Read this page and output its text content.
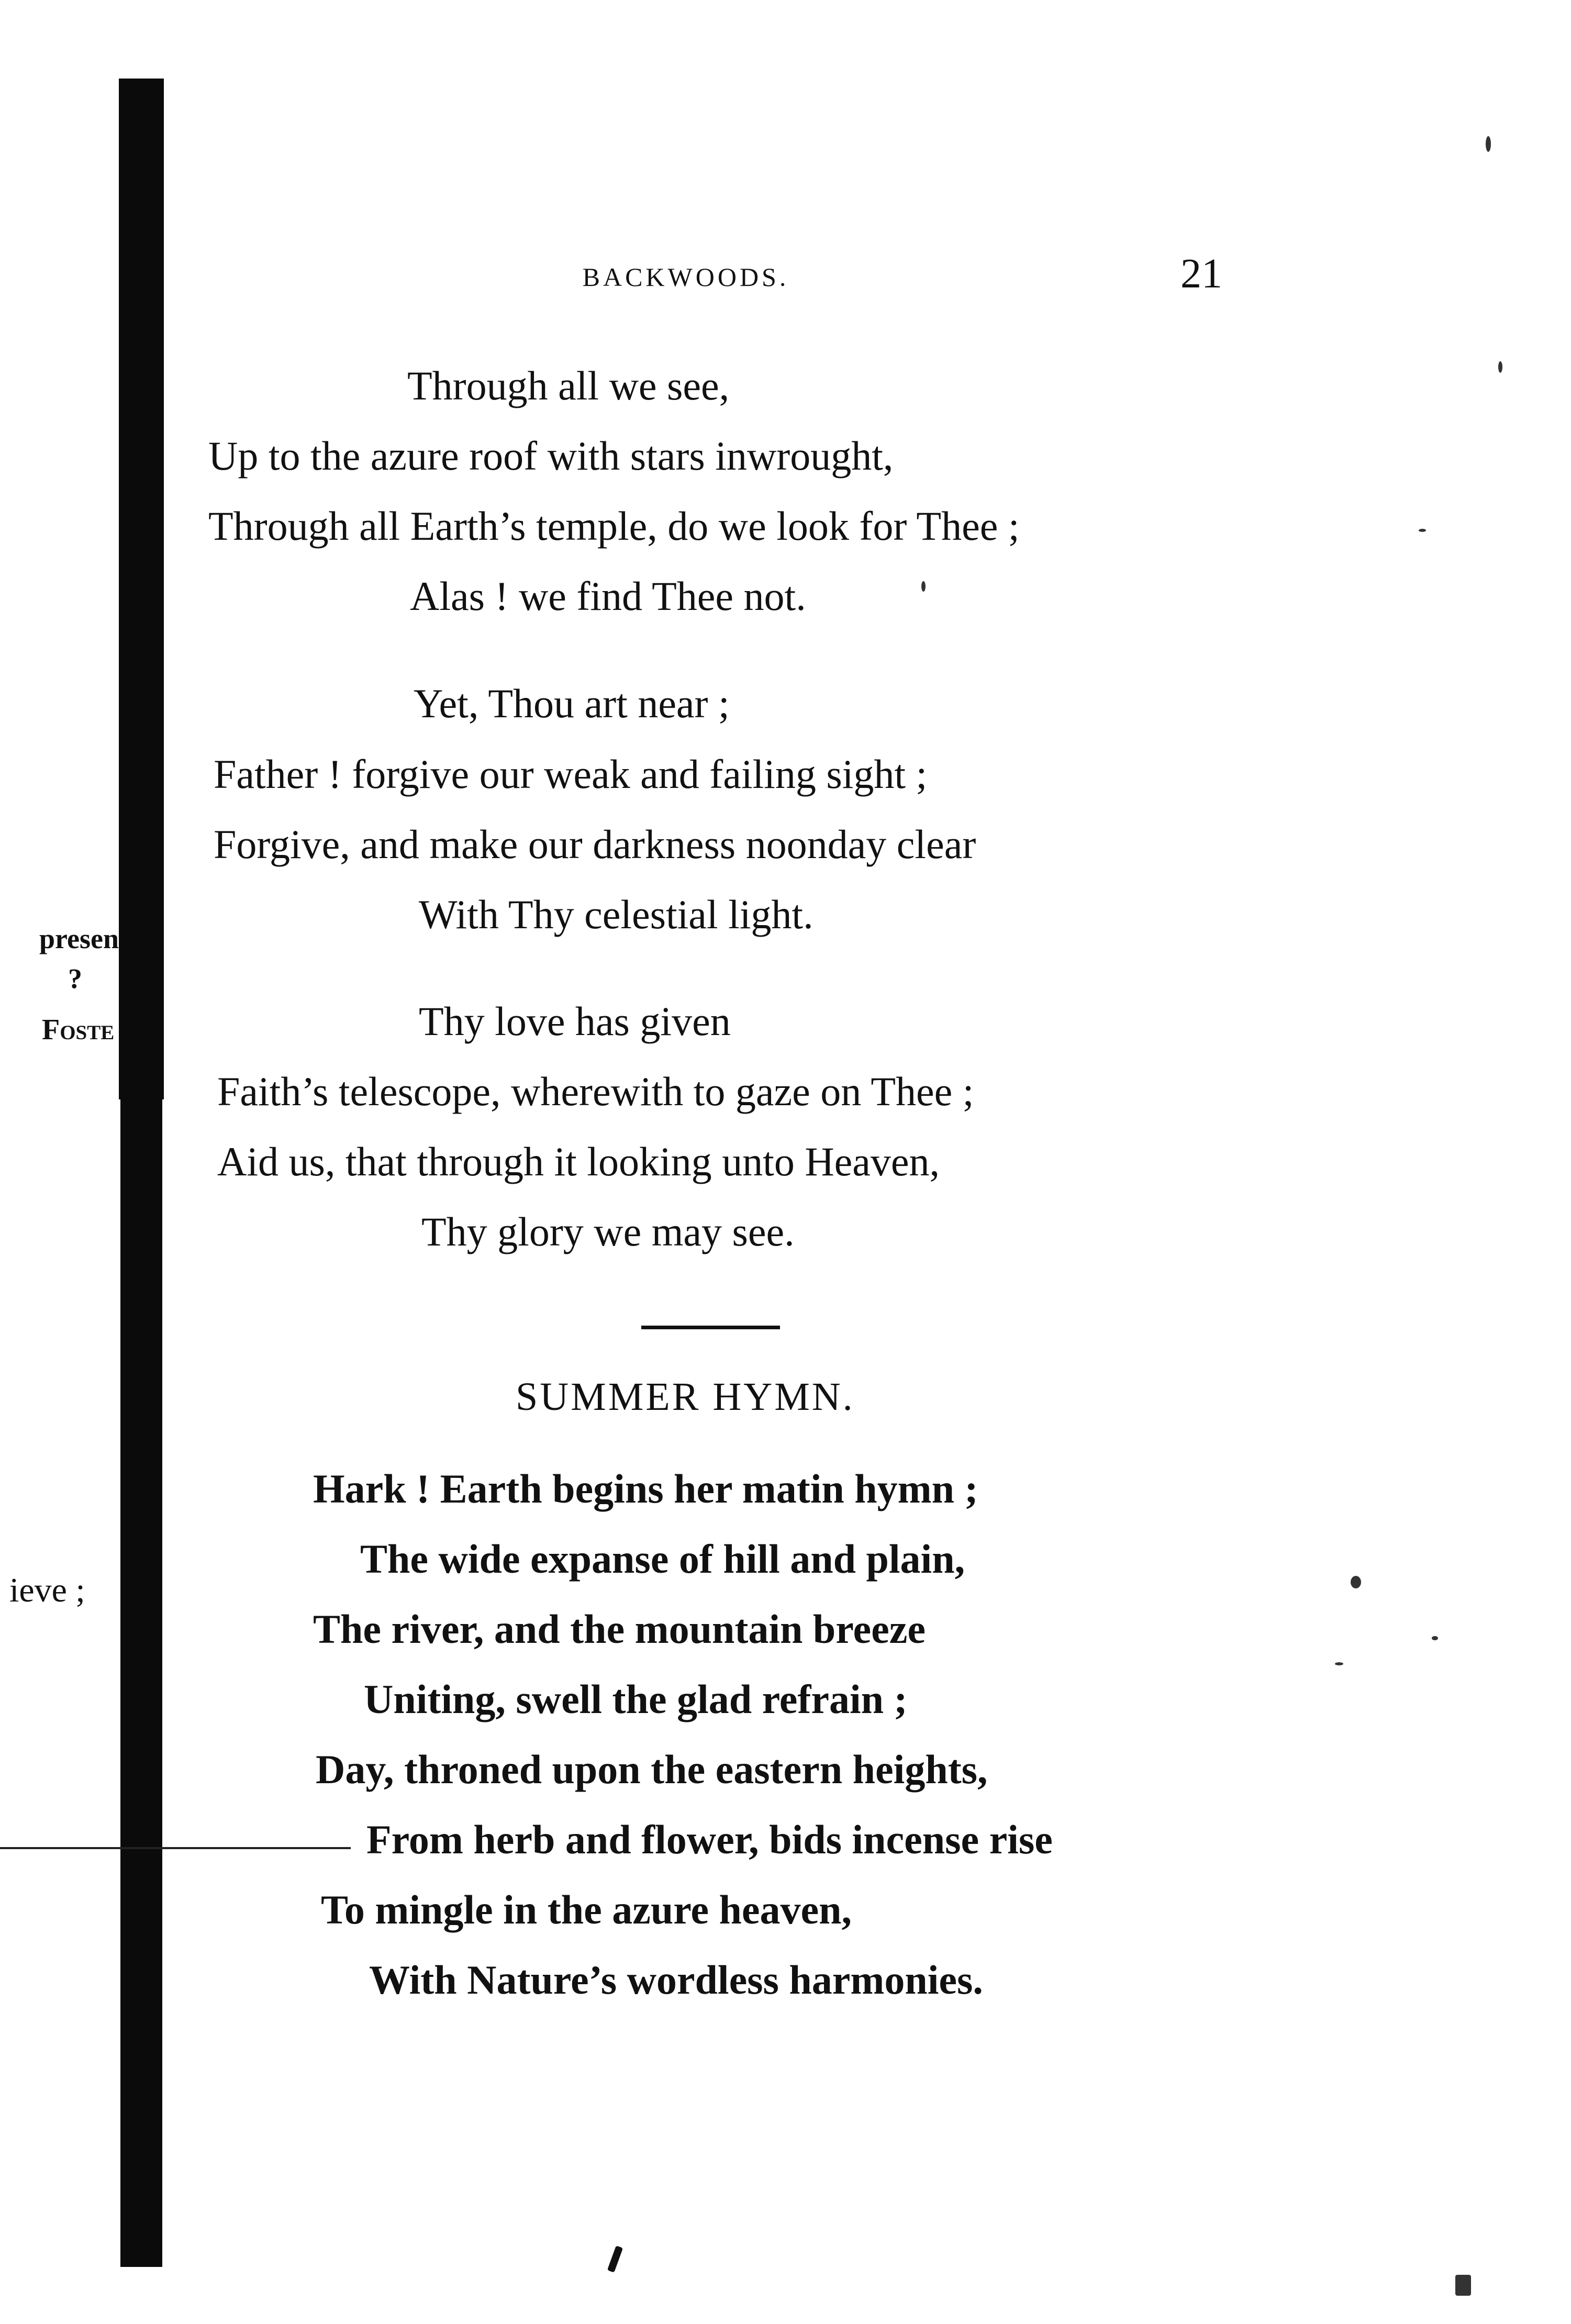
presen
?
Foste
ieve ;
BACKWOODS.	21
Through all we see,
Up to the azure roof with stars inwrought,
Through all Earth’s temple, do we look for Thee ;
Alas ! we find Thee not.
Yet, Thou art near ;
Father ! forgive our weak and failing sight ;
Forgive, and make our darkness noonday clear
With Thy celestial light.
Thy love has given
Faith’s telescope, wherewith to gaze on Thee ;
Aid us, that through it looking unto Heaven,
Thy glory we may see.
SUMMER HYMN.
Hark ! Earth begins her matin hymn ;
The wide expanse of hill and plain,
The river, and the mountain breeze
Uniting, swell the glad refrain ;
Day, throned upon the eastern heights,
From herb and flower, bids incense rise
To mingle in the azure heaven,
With Nature’s wordless harmonies.
